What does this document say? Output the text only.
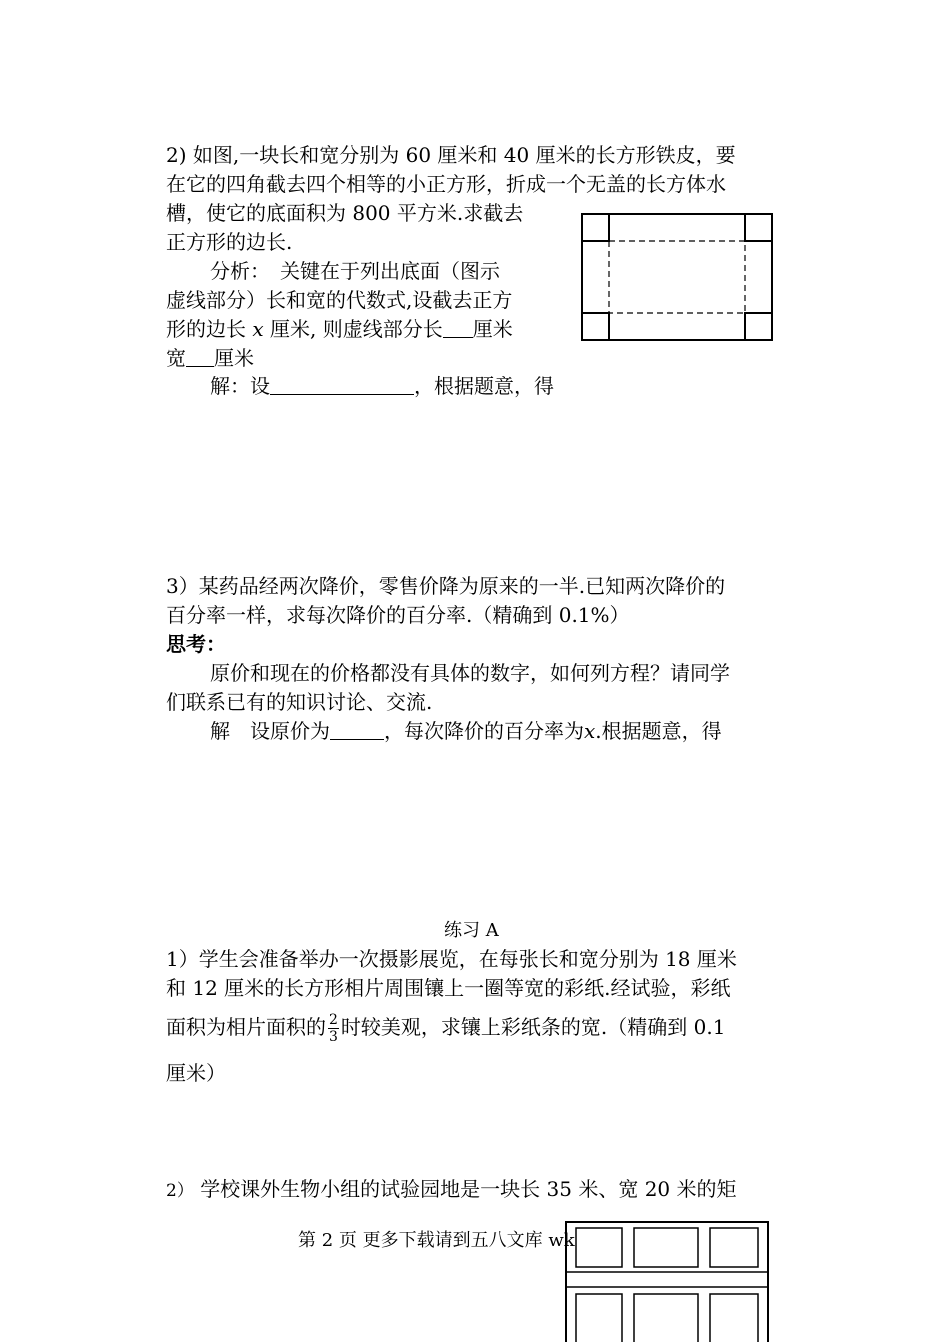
2) 如图,一块长和宽分别为 60 厘米和 40 厘米的长方形铁皮，要
在它的四角截去四个相等的小正方形，折成一个无盖的长方体水
槽，使它的底面积为 800 平方米.求截去
正方形的边长.
分析：　关键在于列出底面（图示
虚线部分）长和宽的代数式,设截去正方
形的边长 x 厘米, 则虚线部分长 厘米
宽 厘米
解：设	，根据题意，得
3）某药品经两次降价，零售价降为原来的一半.已知两次降价的
百分率一样，求每次降价的百分率.（精确到 0.1%）
思考：
原价和现在的价格都没有具体的数字，如何列方程？请同学
们联系已有的知识讨论、交流.
解　设原价为	，每次降价的百分率为x.根据题意，得
练习 A
1）学生会准备举办一次摄影展览，在每张长和宽分别为 18 厘米
和 12 厘米的长方形相片周围镶上一圈等宽的彩纸.经试验，彩纸
面积为相片面积的 $\frac{2}{3}$ 时较美观，求镶上彩纸条的宽.（精确到 0.1
厘米）
2） 学校课外生物小组的试验园地是一块长 35 米、宽 20 米的矩
第 2 页 更多下载请到五八文库 wk
